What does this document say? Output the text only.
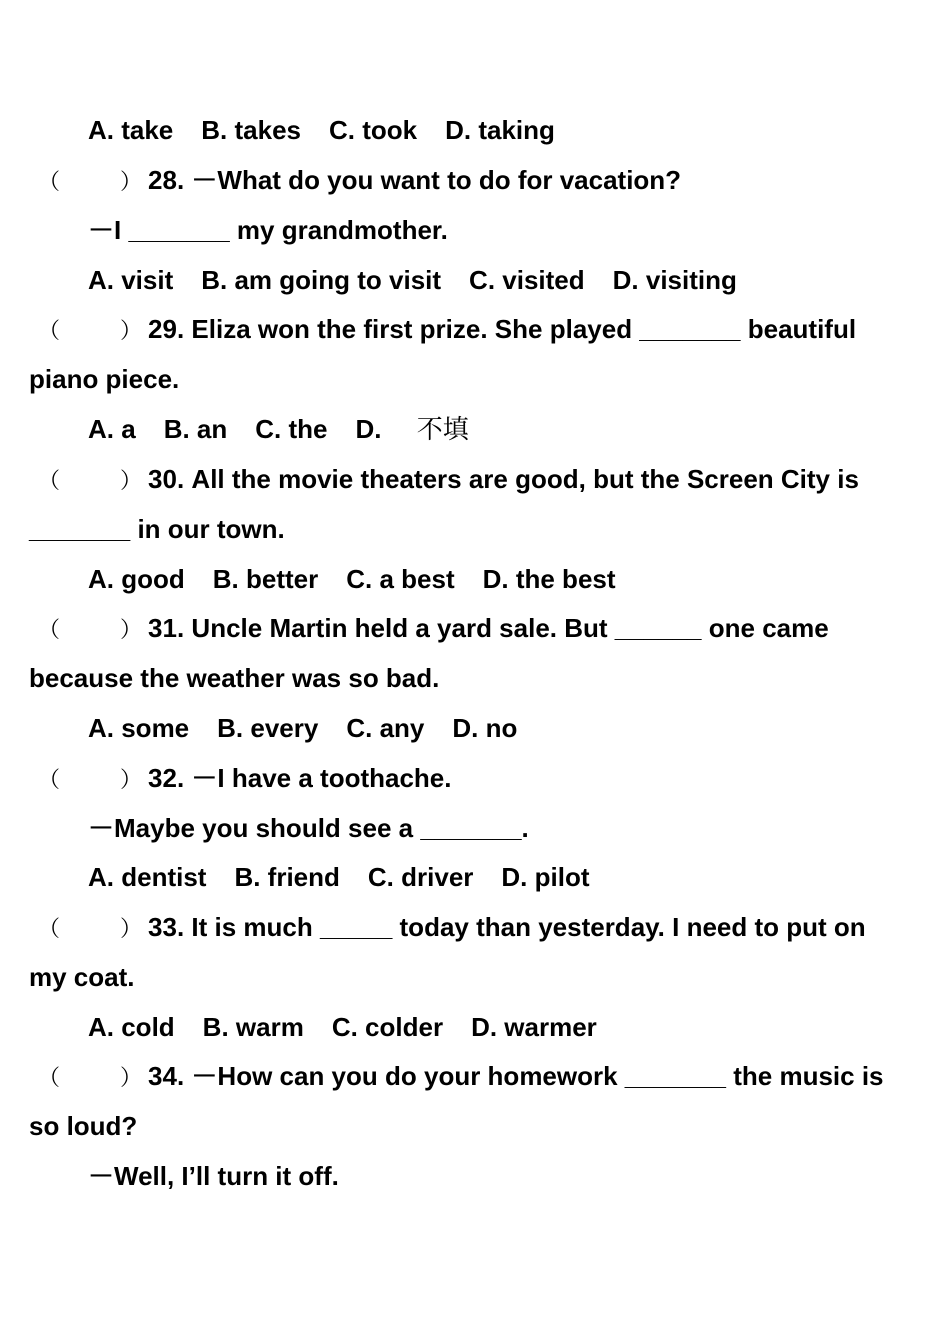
A. take B. takes C. took D. taking
（	） 28. －What do you want to do for vacation?
－I _______ my grandmother.
A. visit B. am going to visit C. visited D. visiting
（	） 29. Eliza won the first prize. She played _______ beautiful
piano piece.
A. a B. an C. the D. 不填
（	） 30. All the movie theaters are good, but the Screen City is
_______ in our town.
A. good B. better C. a best D. the best
（	） 31. Uncle Martin held a yard sale. But ______ one came
because the weather was so bad.
A. some B. every C. any D. no
（	） 32. －I have a toothache.
－Maybe you should see a _______.
A. dentist B. friend C. driver D. pilot
（	） 33. It is much _____ today than yesterday. I need to put on
my coat.
A. cold B. warm C. colder D. warmer
（	） 34. －How can you do your homework _______ the music is
so loud?
－Well, I’ll turn it off.
